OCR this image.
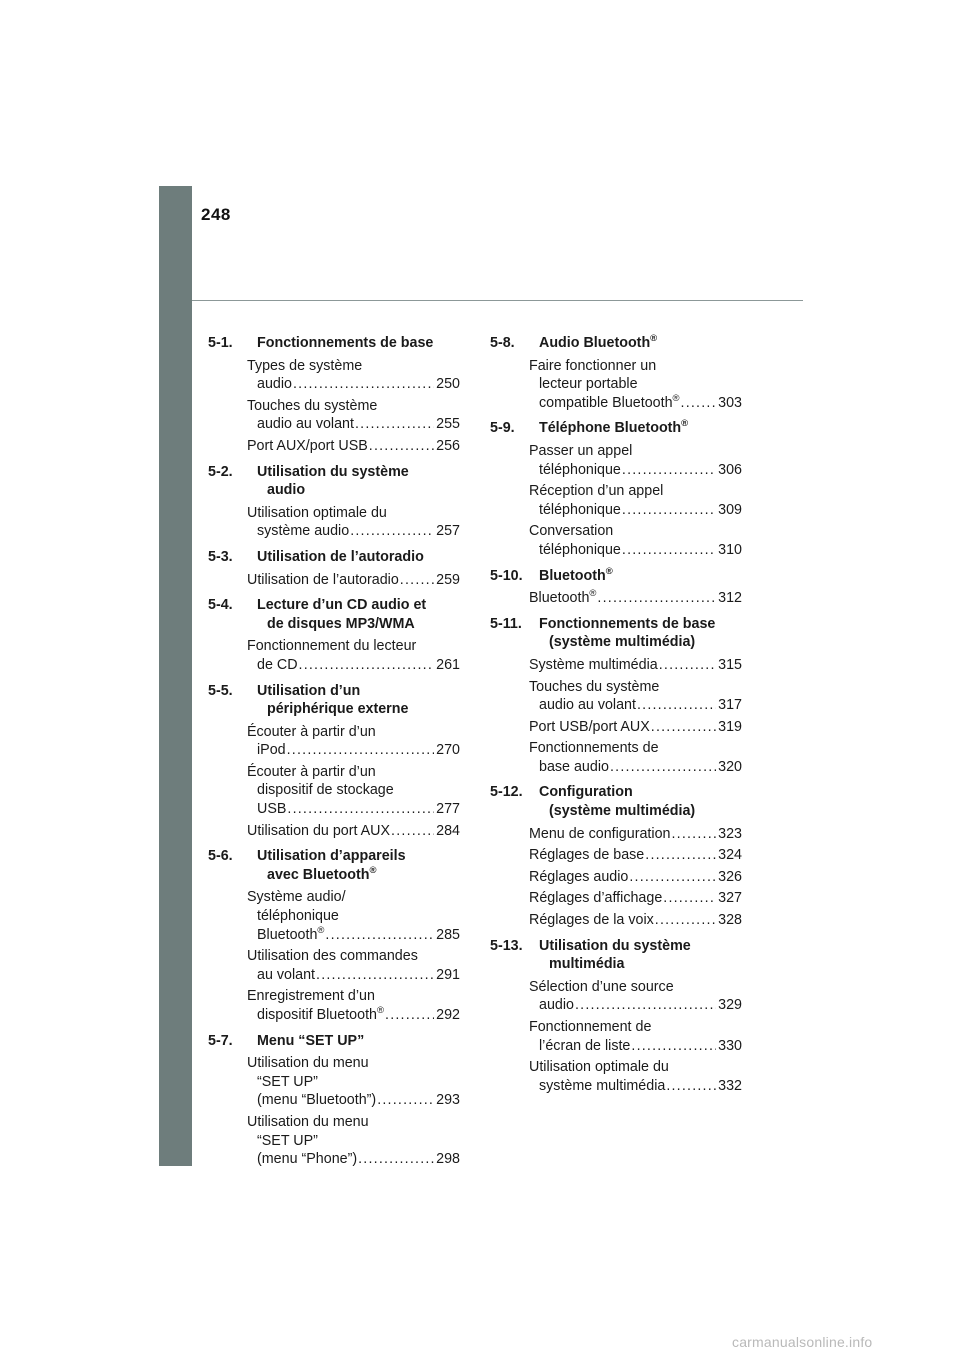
248
5-1. Fonctionnements de base
Types de système
audio .....	250
Touches du système
audio au volant .....	255
Port AUX/port USB .....	256
5-2. Utilisation du système
audio
Utilisation optimale du
système audio .....	257
5-3. Utilisation de l’autoradio
Utilisation de l’autoradio .....	259
5-4. Lecture d’un CD audio et
de disques MP3/WMA
Fonctionnement du lecteur
de CD .....	261
5-5. Utilisation d’un
périphérique externe
Écouter à partir d’un
iPod .....	270
Écouter à partir d’un
dispositif de stockage
USB .....	277
Utilisation du port AUX .....	284
5-6. Utilisation d’appareils
avec Bluetooth®
Système audio/
téléphonique
Bluetooth® .....	285
Utilisation des commandes
au volant .....	291
Enregistrement d’un
dispositif Bluetooth® .....	292
5-7. Menu “SET UP”
Utilisation du menu
“SET UP”
(menu “Bluetooth”) .....	293
Utilisation du menu
“SET UP”
(menu “Phone”) .....	298
5-8. Audio Bluetooth®
Faire fonctionner un
lecteur portable
compatible Bluetooth® .....	303
5-9. Téléphone Bluetooth®
Passer un appel
téléphonique .....	306
Réception d’un appel
téléphonique .....	309
Conversation
téléphonique .....	310
5-10. Bluetooth®
Bluetooth® .....	312
5-11. Fonctionnements de base
(système multimédia)
Système multimédia .....	315
Touches du système
audio au volant .....	317
Port USB/port AUX .....	319
Fonctionnements de
base audio .....	320
5-12. Configuration
(système multimédia)
Menu de configuration .....	323
Réglages de base .....	324
Réglages audio .....	326
Réglages d’affichage .....	327
Réglages de la voix .....	328
5-13. Utilisation du système
multimédia
Sélection d’une source
audio .....	329
Fonctionnement de
l’écran de liste .....	330
Utilisation optimale du
système multimédia .....	332
carmanualsonline.info
